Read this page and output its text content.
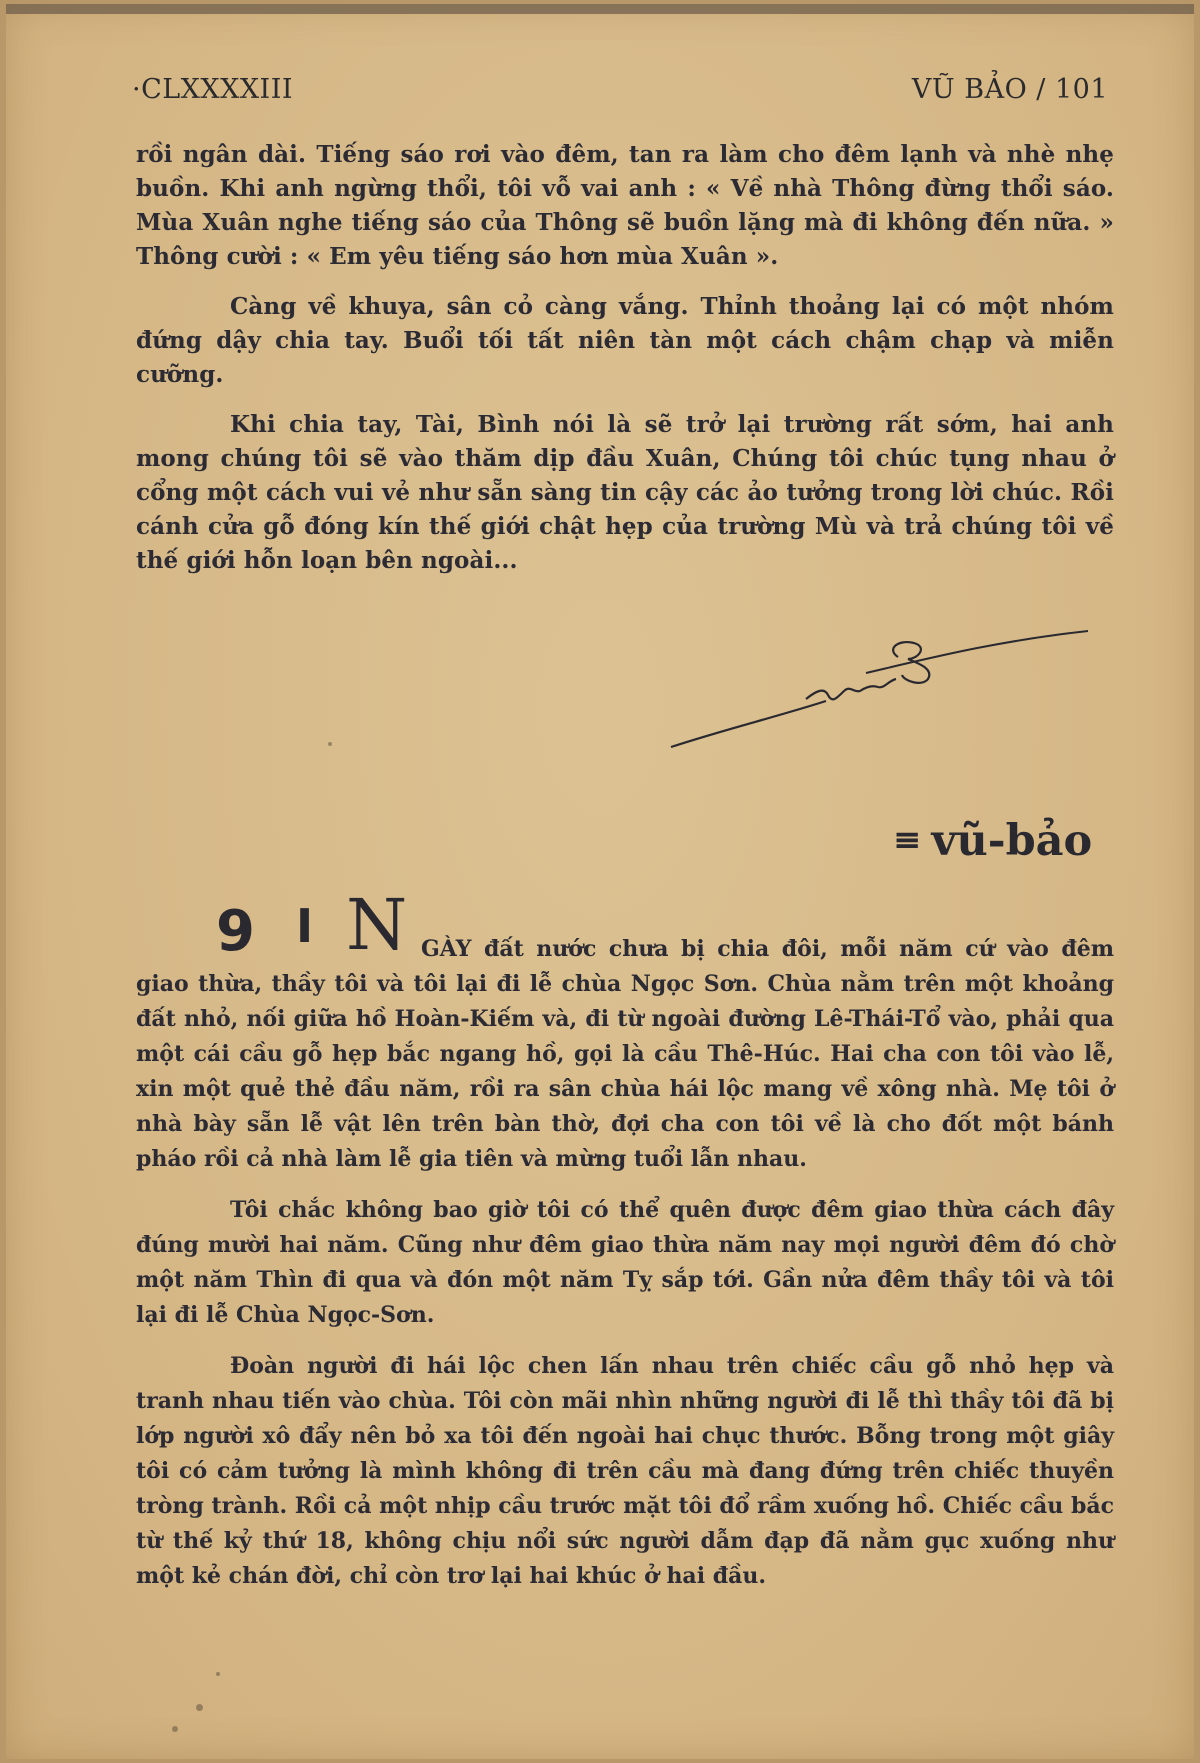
·CLXXXXIII	VŨ BẢO / 101

rồi ngân dài. Tiếng sáo rơi vào đêm, tan ra làm cho đêm lạnh và nhè nhẹ buồn. Khi anh ngừng thổi, tôi vỗ vai anh : « Về nhà Thông đừng thổi sáo. Mùa Xuân nghe tiếng sáo của Thông sẽ buồn lặng mà đi không đến nữa. » Thông cười : « Em yêu tiếng sáo hơn mùa Xuân ».

Càng về khuya, sân cỏ càng vắng. Thỉnh thoảng lại có một nhóm đứng dậy chia tay. Buổi tối tất niên tàn một cách chậm chạp và miễn cưỡng.

Khi chia tay, Tài, Bình nói là sẽ trở lại trường rất sớm, hai anh mong chúng tôi sẽ vào thăm dịp đầu Xuân, Chúng tôi chúc tụng nhau ở cổng một cách vui vẻ như sẵn sàng tin cậy các ảo tưởng trong lời chúc. Rồi cánh cửa gỗ đóng kín thế giới chật hẹp của trường Mù và trả chúng tôi về thế giới hỗn loạn bên ngoài...

≡ vũ-bảo
9 I N GÀY đất nước chưa bị chia đôi, mỗi năm cứ vào đêm giao thừa, thầy tôi và tôi lại đi lễ chùa Ngọc Sơn. Chùa nằm trên một khoảng đất nhỏ, nối giữa hồ Hoàn-Kiếm và, đi từ ngoài đường Lê-Thái-Tổ vào, phải qua một cái cầu gỗ hẹp bắc ngang hồ, gọi là cầu Thê-Húc. Hai cha con tôi vào lễ, xin một quẻ thẻ đầu năm, rồi ra sân chùa hái lộc mang về xông nhà. Mẹ tôi ở nhà bày sẵn lễ vật lên trên bàn thờ, đợi cha con tôi về là cho đốt một bánh pháo rồi cả nhà làm lễ gia tiên và mừng tuổi lẫn nhau.

Tôi chắc không bao giờ tôi có thể quên được đêm giao thừa cách đây đúng mười hai năm. Cũng như đêm giao thừa năm nay mọi người đêm đó chờ một năm Thìn đi qua và đón một năm Tỵ sắp tới. Gần nửa đêm thầy tôi và tôi lại đi lễ Chùa Ngọc-Sơn.

Đoàn người đi hái lộc chen lấn nhau trên chiếc cầu gỗ nhỏ hẹp và tranh nhau tiến vào chùa. Tôi còn mãi nhìn những người đi lễ thì thầy tôi đã bị lớp người xô đẩy nên bỏ xa tôi đến ngoài hai chục thước. Bỗng trong một giây tôi có cảm tưởng là mình không đi trên cầu mà đang đứng trên chiếc thuyền tròng trành. Rồi cả một nhịp cầu trước mặt tôi đổ rầm xuống hồ. Chiếc cầu bắc từ thế kỷ thứ 18, không chịu nổi sức người dẫm đạp đã nằm gục xuống như một kẻ chán đời, chỉ còn trơ lại hai khúc ở hai đầu.
